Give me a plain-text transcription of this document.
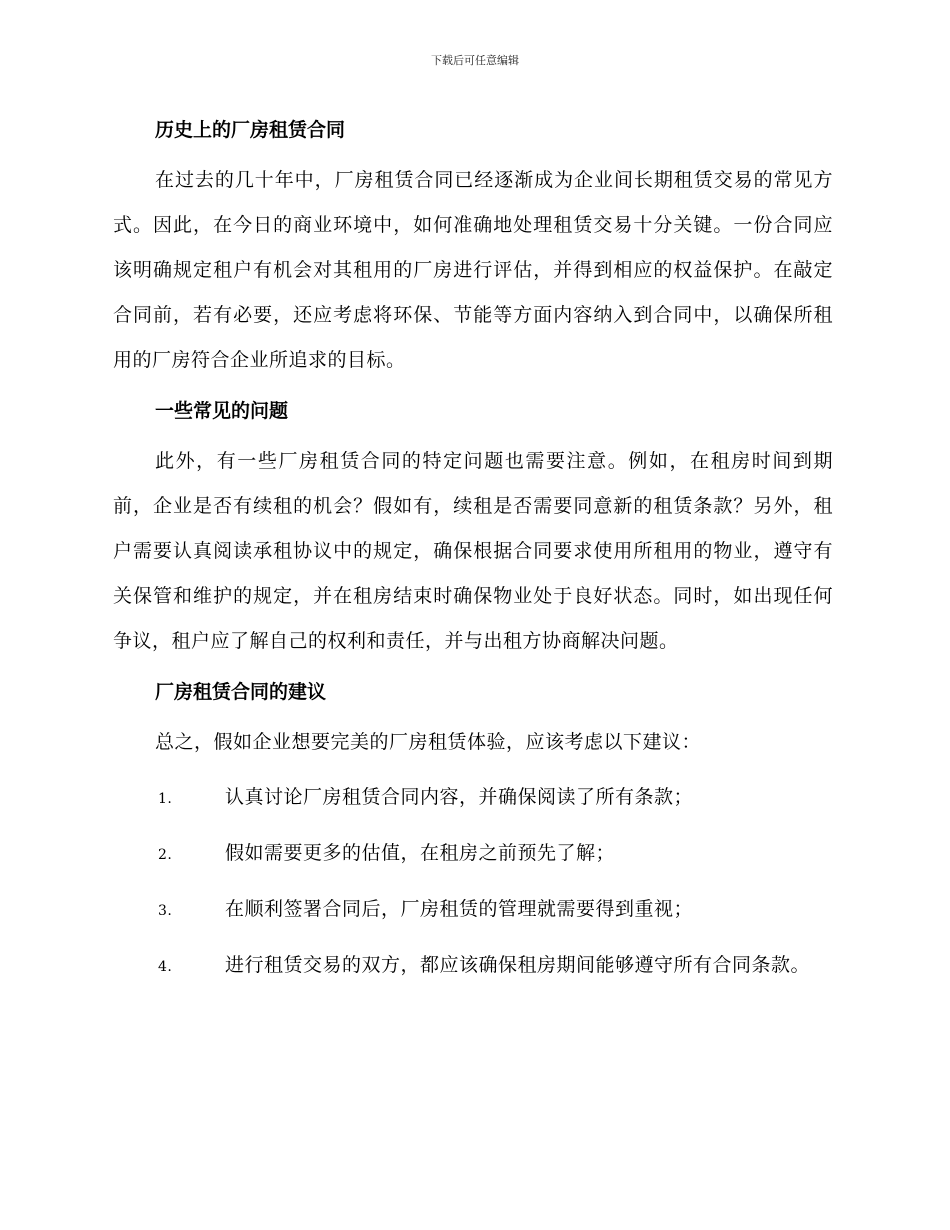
下载后可任意编辑
历史上的厂房租赁合同
在过去的几十年中，厂房租赁合同已经逐渐成为企业间长期租赁交易的常见方式。因此，在今日的商业环境中，如何准确地处理租赁交易十分关键。一份合同应该明确规定租户有机会对其租用的厂房进行评估，并得到相应的权益保护。在敲定合同前，若有必要，还应考虑将环保、节能等方面内容纳入到合同中，以确保所租用的厂房符合企业所追求的目标。
一些常见的问题
此外，有一些厂房租赁合同的特定问题也需要注意。例如，在租房时间到期前，企业是否有续租的机会？假如有，续租是否需要同意新的租赁条款？另外，租户需要认真阅读承租协议中的规定，确保根据合同要求使用所租用的物业，遵守有关保管和维护的规定，并在租房结束时确保物业处于良好状态。同时，如出现任何争议，租户应了解自己的权利和责任，并与出租方协商解决问题。
厂房租赁合同的建议
总之，假如企业想要完美的厂房租赁体验，应该考虑以下建议：
1.	认真讨论厂房租赁合同内容，并确保阅读了所有条款；
2.	假如需要更多的估值，在租房之前预先了解；
3.	在顺利签署合同后，厂房租赁的管理就需要得到重视；
4.	进行租赁交易的双方，都应该确保租房期间能够遵守所有合同条款。
